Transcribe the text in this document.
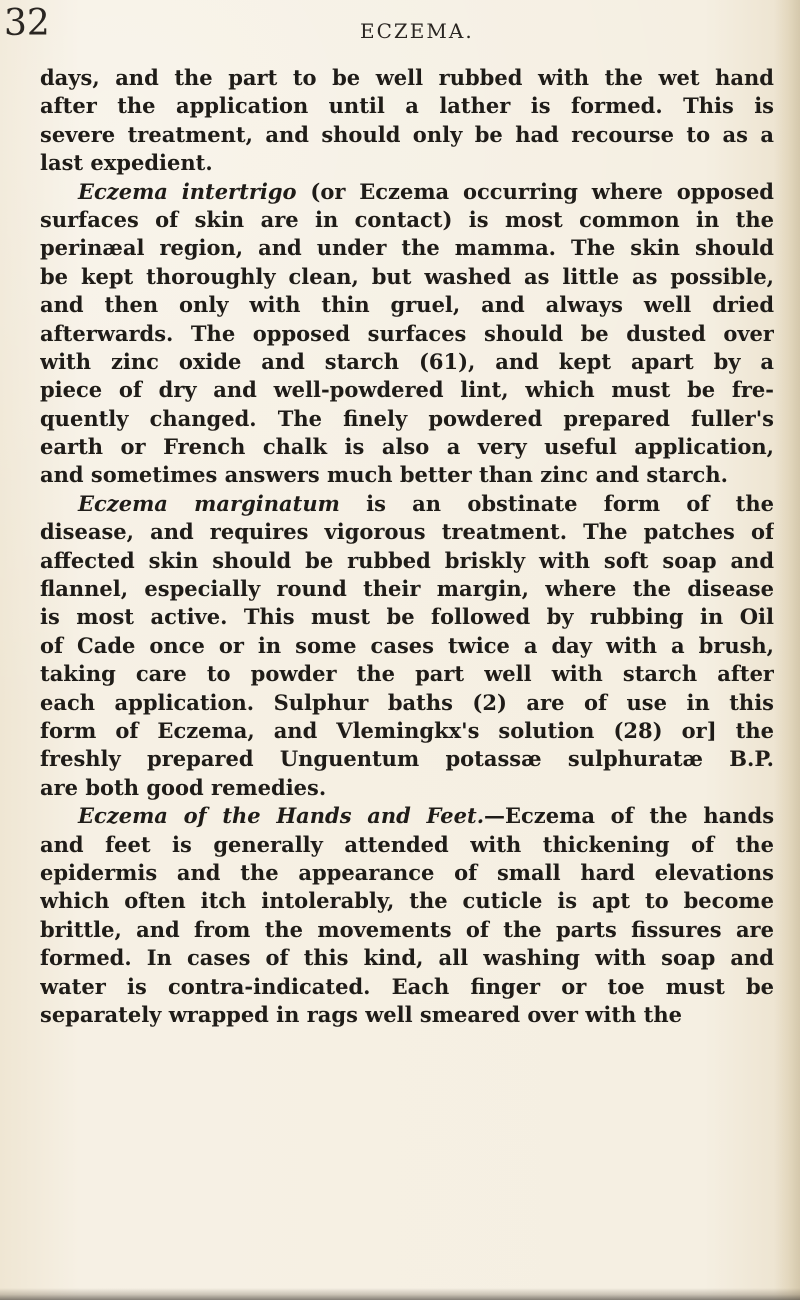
32	ECZEMA.
days, and the part to be well rubbed with the wet hand
after the application until a lather is formed. This is
severe treatment, and should only be had recourse to as a
last expedient.
Eczema intertrigo (or Eczema occurring where opposed
surfaces of skin are in contact) is most common in the
perinæal region, and under the mamma. The skin should
be kept thoroughly clean, but washed as little as possible,
and then only with thin gruel, and always well dried
afterwards. The opposed surfaces should be dusted over
with zinc oxide and starch (61), and kept apart by a
piece of dry and well-powdered lint, which must be fre-
quently changed. The finely powdered prepared fuller's
earth or French chalk is also a very useful application,
and sometimes answers much better than zinc and starch.
Eczema marginatum is an obstinate form of the
disease, and requires vigorous treatment. The patches of
affected skin should be rubbed briskly with soft soap and
flannel, especially round their margin, where the disease
is most active. This must be followed by rubbing in Oil
of Cade once or in some cases twice a day with a brush,
taking care to powder the part well with starch after
each application. Sulphur baths (2) are of use in this
form of Eczema, and Vlemingkx's solution (28) or] the
freshly prepared Unguentum potassæ sulphuratæ B.P.
are both good remedies.
Eczema of the Hands and Feet.—Eczema of the hands
and feet is generally attended with thickening of the
epidermis and the appearance of small hard elevations
which often itch intolerably, the cuticle is apt to become
brittle, and from the movements of the parts fissures are
formed. In cases of this kind, all washing with soap and
water is contra-indicated. Each finger or toe must be
separately wrapped in rags well smeared over with the
